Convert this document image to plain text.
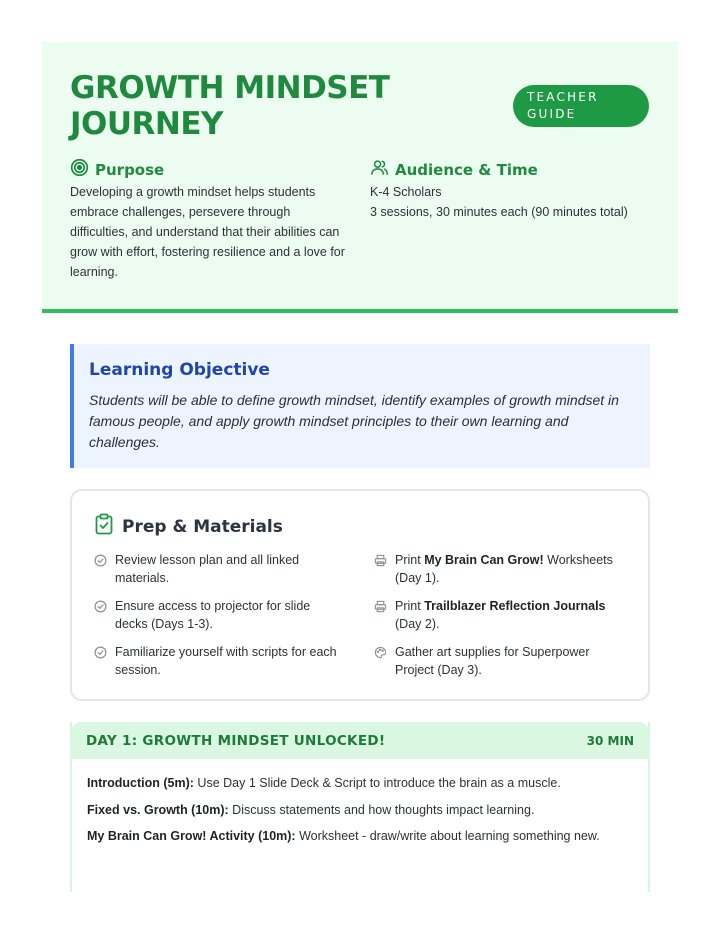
GROWTH MINDSET JOURNEY
TEACHER GUIDE
Purpose

Developing a growth mindset helps students embrace challenges, persevere through difficulties, and understand that their abilities can grow with effort, fostering resilience and a love for learning.

Audience & Time

K-4 Scholars

3 sessions, 30 minutes each (90 minutes total)

Learning Objective

Students will be able to define growth mindset, identify examples of growth mindset in famous people, and apply growth mindset principles to their own learning and challenges.

Prep & Materials
Review lesson plan and all linked materials.
Ensure access to projector for slide decks (Days 1-3).
Familiarize yourself with scripts for each session.
Print My Brain Can Grow! Worksheets (Day 1).
Print Trailblazer Reflection Journals (Day 2).
Gather art supplies for Superpower Project (Day 3).
DAY 1: GROWTH MINDSET UNLOCKED!	30 MIN

Introduction (5m): Use Day 1 Slide Deck & Script to introduce the brain as a muscle.

Fixed vs. Growth (10m): Discuss statements and how thoughts impact learning.

My Brain Can Grow! Activity (10m): Worksheet - draw/write about learning something new.
